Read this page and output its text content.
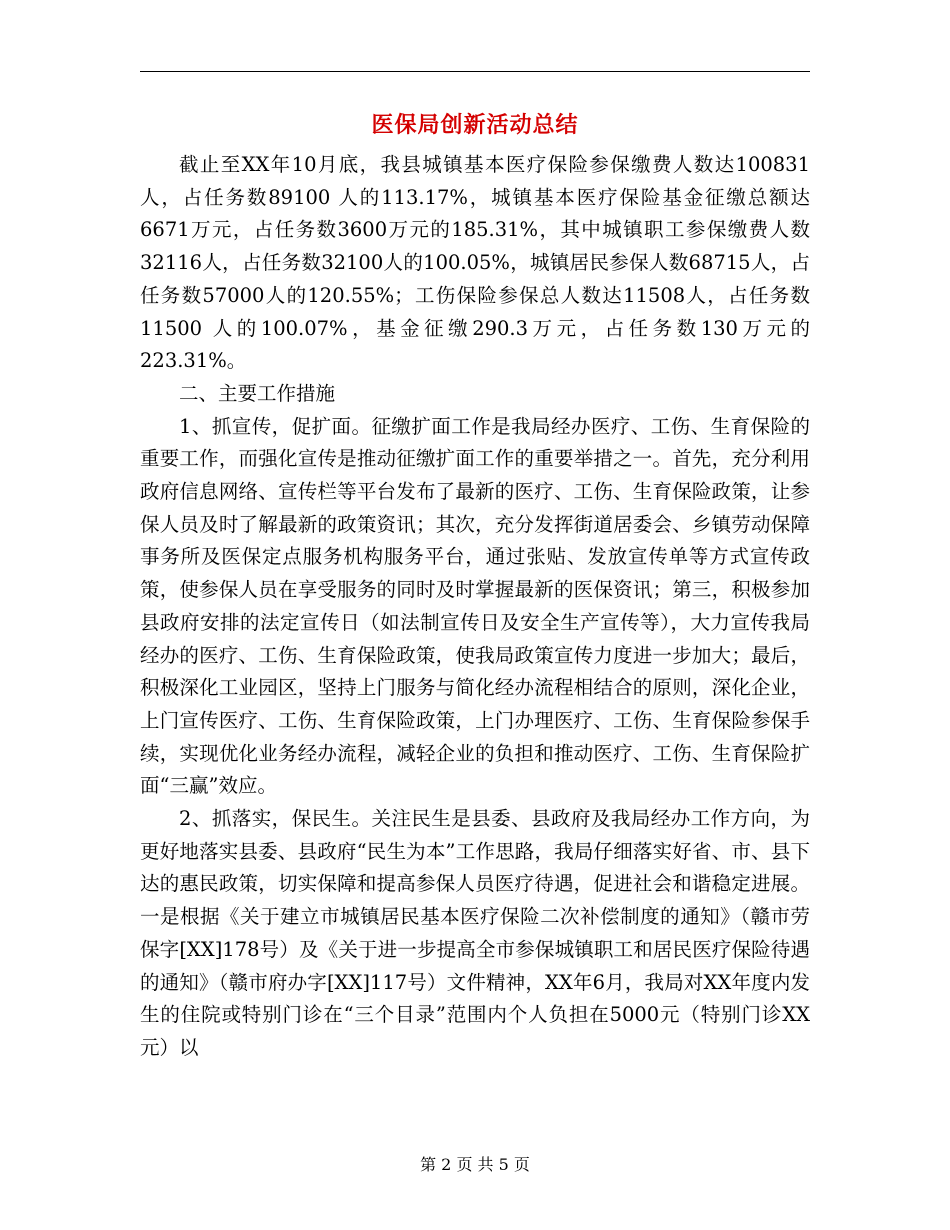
医保局创新活动总结

截止至XX年10月底，我县城镇基本医疗保险参保缴费人数达100831人，占任务数89100 人的113.17%，城镇基本医疗保险基金征缴总额达6671万元，占任务数3600万元的185.31%，其中城镇职工参保缴费人数32116人，占任务数32100人的100.05%，城镇居民参保人数68715人，占任务数57000人的120.55%；工伤保险参保总人数达11508人，占任务数11500 人的100.07%，基金征缴290.3万元，占任务数130万元的223.31%。

二、主要工作措施

1、抓宣传，促扩面。征缴扩面工作是我局经办医疗、工伤、生育保险的重要工作，而强化宣传是推动征缴扩面工作的重要举措之一。首先，充分利用政府信息网络、宣传栏等平台发布了最新的医疗、工伤、生育保险政策，让参保人员及时了解最新的政策资讯；其次，充分发挥街道居委会、乡镇劳动保障事务所及医保定点服务机构服务平台，通过张贴、发放宣传单等方式宣传政策，使参保人员在享受服务的同时及时掌握最新的医保资讯；第三，积极参加县政府安排的法定宣传日（如法制宣传日及安全生产宣传等），大力宣传我局经办的医疗、工伤、生育保险政策，使我局政策宣传力度进一步加大；最后，积极深化工业园区，坚持上门服务与简化经办流程相结合的原则，深化企业，上门宣传医疗、工伤、生育保险政策，上门办理医疗、工伤、生育保险参保手续，实现优化业务经办流程，减轻企业的负担和推动医疗、工伤、生育保险扩面“三赢”效应。

2、抓落实，保民生。关注民生是县委、县政府及我局经办工作方向，为更好地落实县委、县政府“民生为本”工作思路，我局仔细落实好省、市、县下达的惠民政策，切实保障和提高参保人员医疗待遇，促进社会和谐稳定进展。一是根据《关于建立市城镇居民基本医疗保险二次补偿制度的通知》（赣市劳保字[XX]178号）及《关于进一步提高全市参保城镇职工和居民医疗保险待遇的通知》（赣市府办字[XX]117号）文件精神，XX年6月，我局对XX年度内发生的住院或特别门诊在“三个目录”范围内个人负担在5000元（特别门诊XX元）以

第 2 页 共 5 页
